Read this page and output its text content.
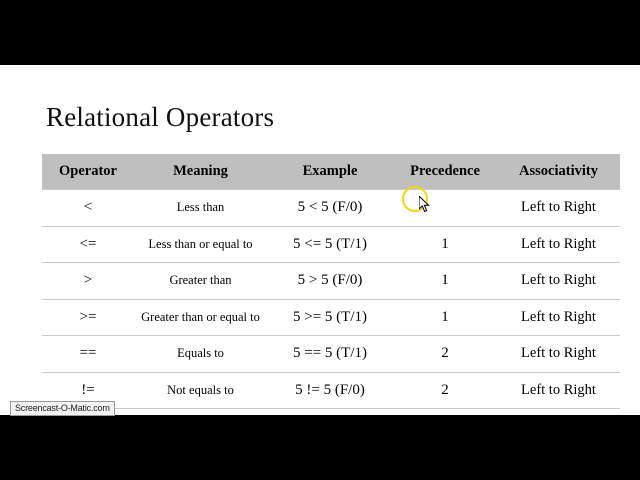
Relational Operators
Operator	Meaning	Example	Precedence	Associativity
<	Less than	5 < 5 (F/0)		Left to Right
<=	Less than or equal to	5 <= 5 (T/1)	1	Left to Right
>	Greater than	5 > 5 (F/0)	1	Left to Right
>=	Greater than or equal to	5 >= 5 (T/1)	1	Left to Right
==	Equals to	5 == 5 (T/1)	2	Left to Right
!=	Not equals to	5 != 5 (F/0)	2	Left to Right
Screencast-O-Matic.com
